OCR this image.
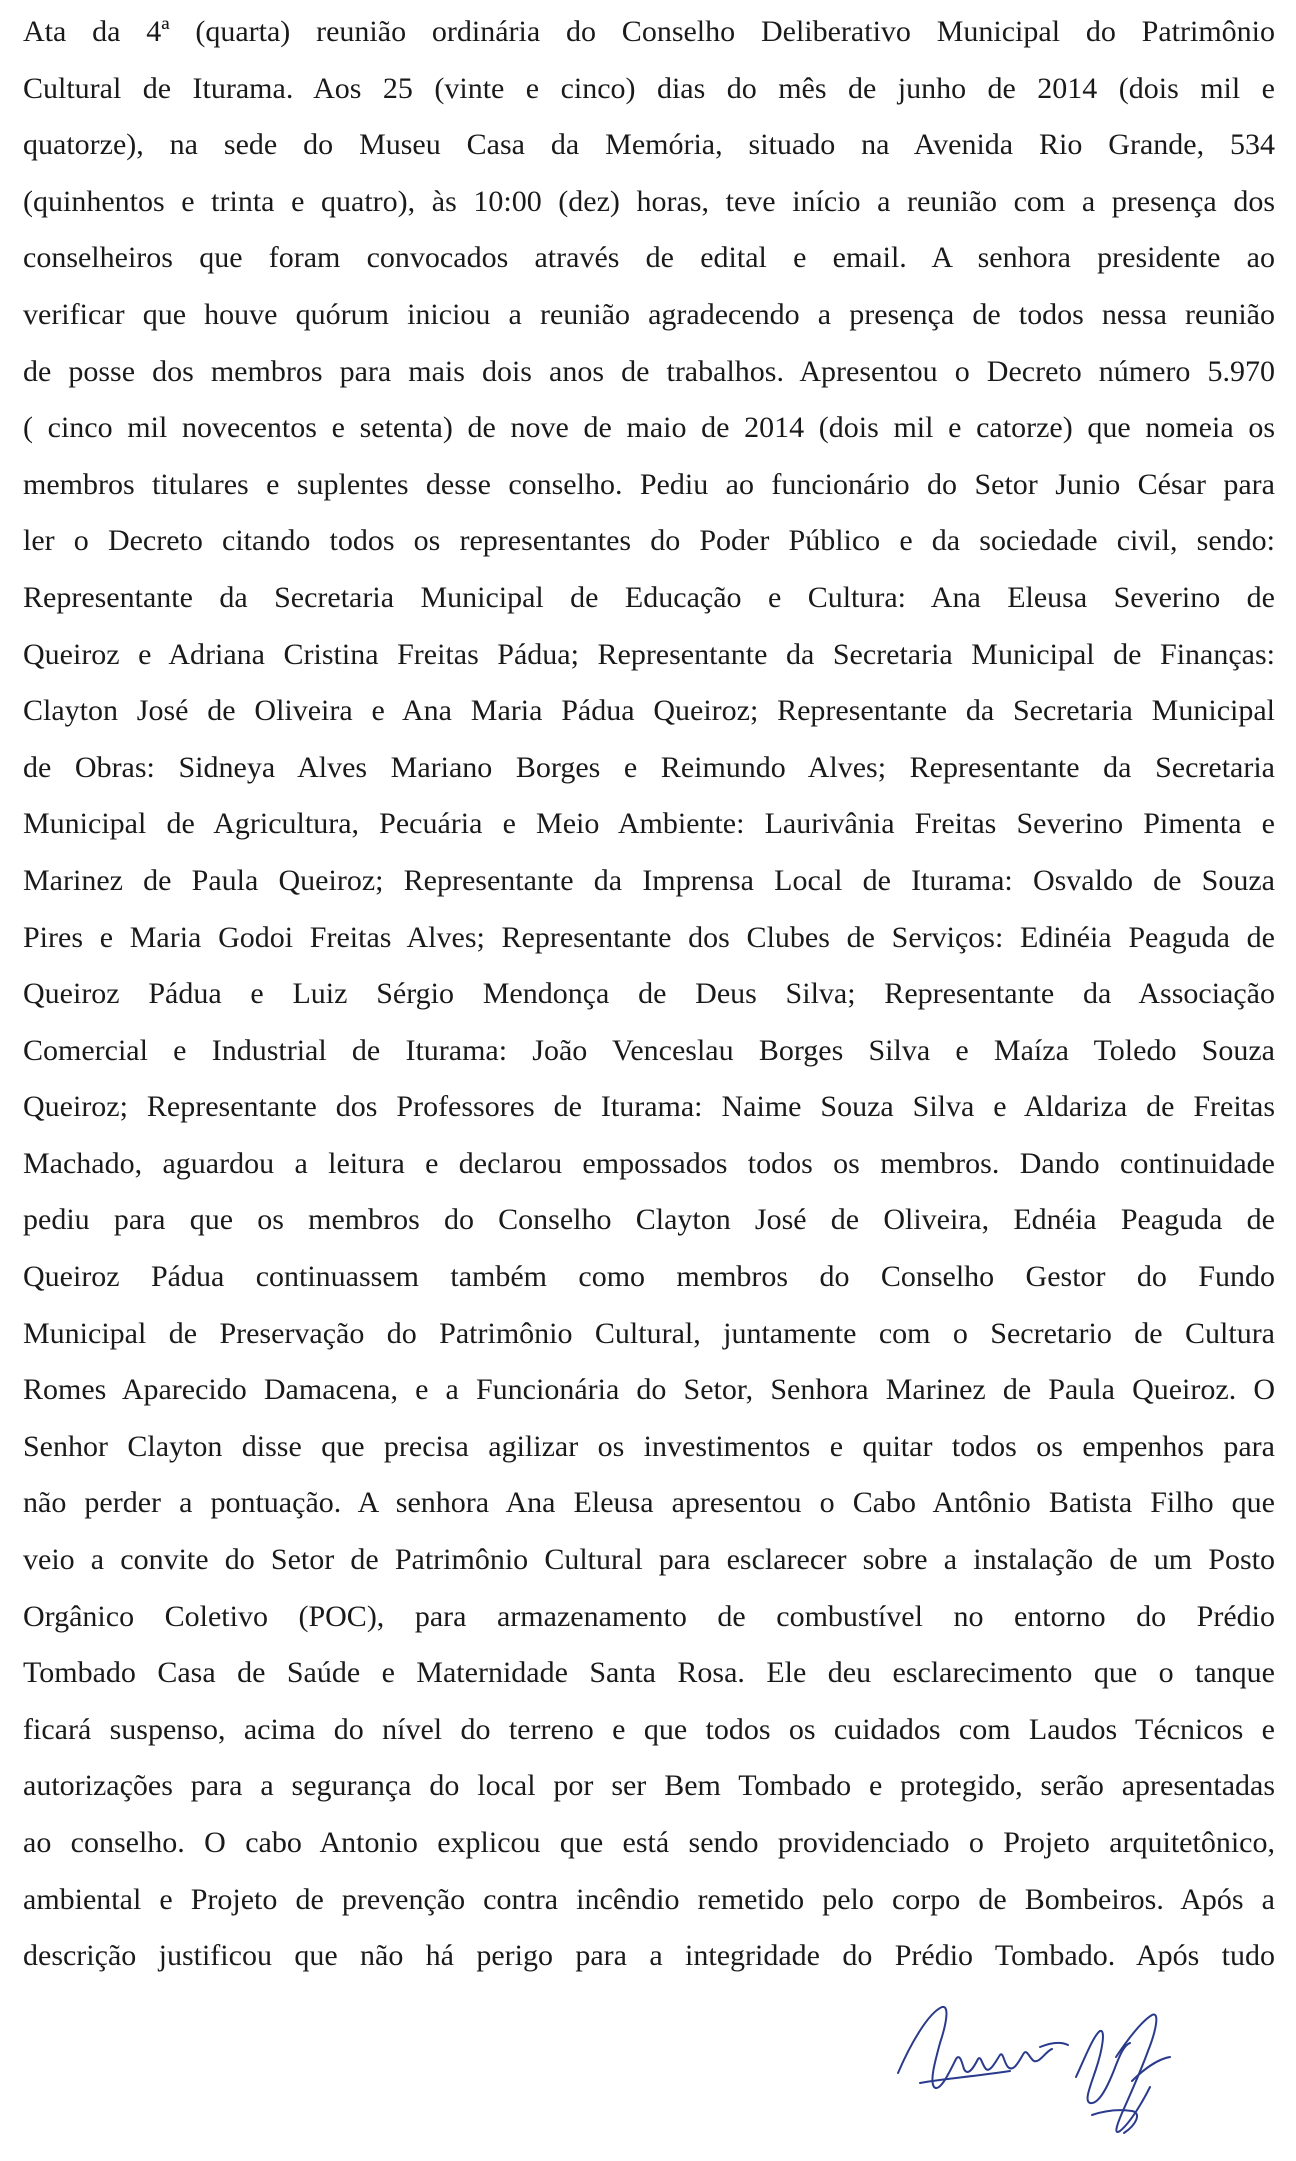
Ata da 4ª (quarta) reunião ordinária do Conselho Deliberativo Municipal do Patrimônio
Cultural de Iturama. Aos 25 (vinte e cinco) dias do mês de junho de 2014 (dois mil e
quatorze), na sede do Museu Casa da Memória, situado na Avenida Rio Grande, 534
(quinhentos e trinta e quatro), às 10:00 (dez) horas, teve início a reunião com a presença dos
conselheiros que foram convocados através de edital e email. A senhora presidente ao
verificar que houve quórum iniciou a reunião agradecendo a presença de todos nessa reunião
de posse dos membros para mais dois anos de trabalhos. Apresentou o Decreto número 5.970
( cinco mil novecentos e setenta) de nove de maio de 2014 (dois mil e catorze) que nomeia os
membros titulares e suplentes desse conselho. Pediu ao funcionário do Setor Junio César para
ler o Decreto citando todos os representantes do Poder Público e da sociedade civil, sendo:
Representante da Secretaria Municipal de Educação e Cultura: Ana Eleusa Severino de
Queiroz e Adriana Cristina Freitas Pádua; Representante da Secretaria Municipal de Finanças:
Clayton José de Oliveira e Ana Maria Pádua Queiroz; Representante da Secretaria Municipal
de Obras: Sidneya Alves Mariano Borges e Reimundo Alves; Representante da Secretaria
Municipal de Agricultura, Pecuária e Meio Ambiente: Laurivânia Freitas Severino Pimenta e
Marinez de Paula Queiroz; Representante da Imprensa Local de Iturama: Osvaldo de Souza
Pires e Maria Godoi Freitas Alves; Representante dos Clubes de Serviços: Edinéia Peaguda de
Queiroz Pádua e Luiz Sérgio Mendonça de Deus Silva; Representante da Associação
Comercial e Industrial de Iturama: João Venceslau Borges Silva e Maíza Toledo Souza
Queiroz; Representante dos Professores de Iturama: Naime Souza Silva e Aldariza de Freitas
Machado, aguardou a leitura e declarou empossados todos os membros. Dando continuidade
pediu para que os membros do Conselho Clayton José de Oliveira, Ednéia Peaguda de
Queiroz Pádua continuassem também como membros do Conselho Gestor do Fundo
Municipal de Preservação do Patrimônio Cultural, juntamente com o Secretario de Cultura
Romes Aparecido Damacena, e a Funcionária do Setor, Senhora Marinez de Paula Queiroz. O
Senhor Clayton disse que precisa agilizar os investimentos e quitar todos os empenhos para
não perder a pontuação. A senhora Ana Eleusa apresentou o Cabo Antônio Batista Filho que
veio a convite do Setor de Patrimônio Cultural para esclarecer sobre a instalação de um Posto
Orgânico Coletivo (POC), para armazenamento de combustível no entorno do Prédio
Tombado Casa de Saúde e Maternidade Santa Rosa. Ele deu esclarecimento que o tanque
ficará suspenso, acima do nível do terreno e que todos os cuidados com Laudos Técnicos e
autorizações para a segurança do local por ser Bem Tombado e protegido, serão apresentadas
ao conselho. O cabo Antonio explicou que está sendo providenciado o Projeto arquitetônico,
ambiental e Projeto de prevenção contra incêndio remetido pelo corpo de Bombeiros. Após a
descrição justificou que não há perigo para a integridade do Prédio Tombado. Após tudo
